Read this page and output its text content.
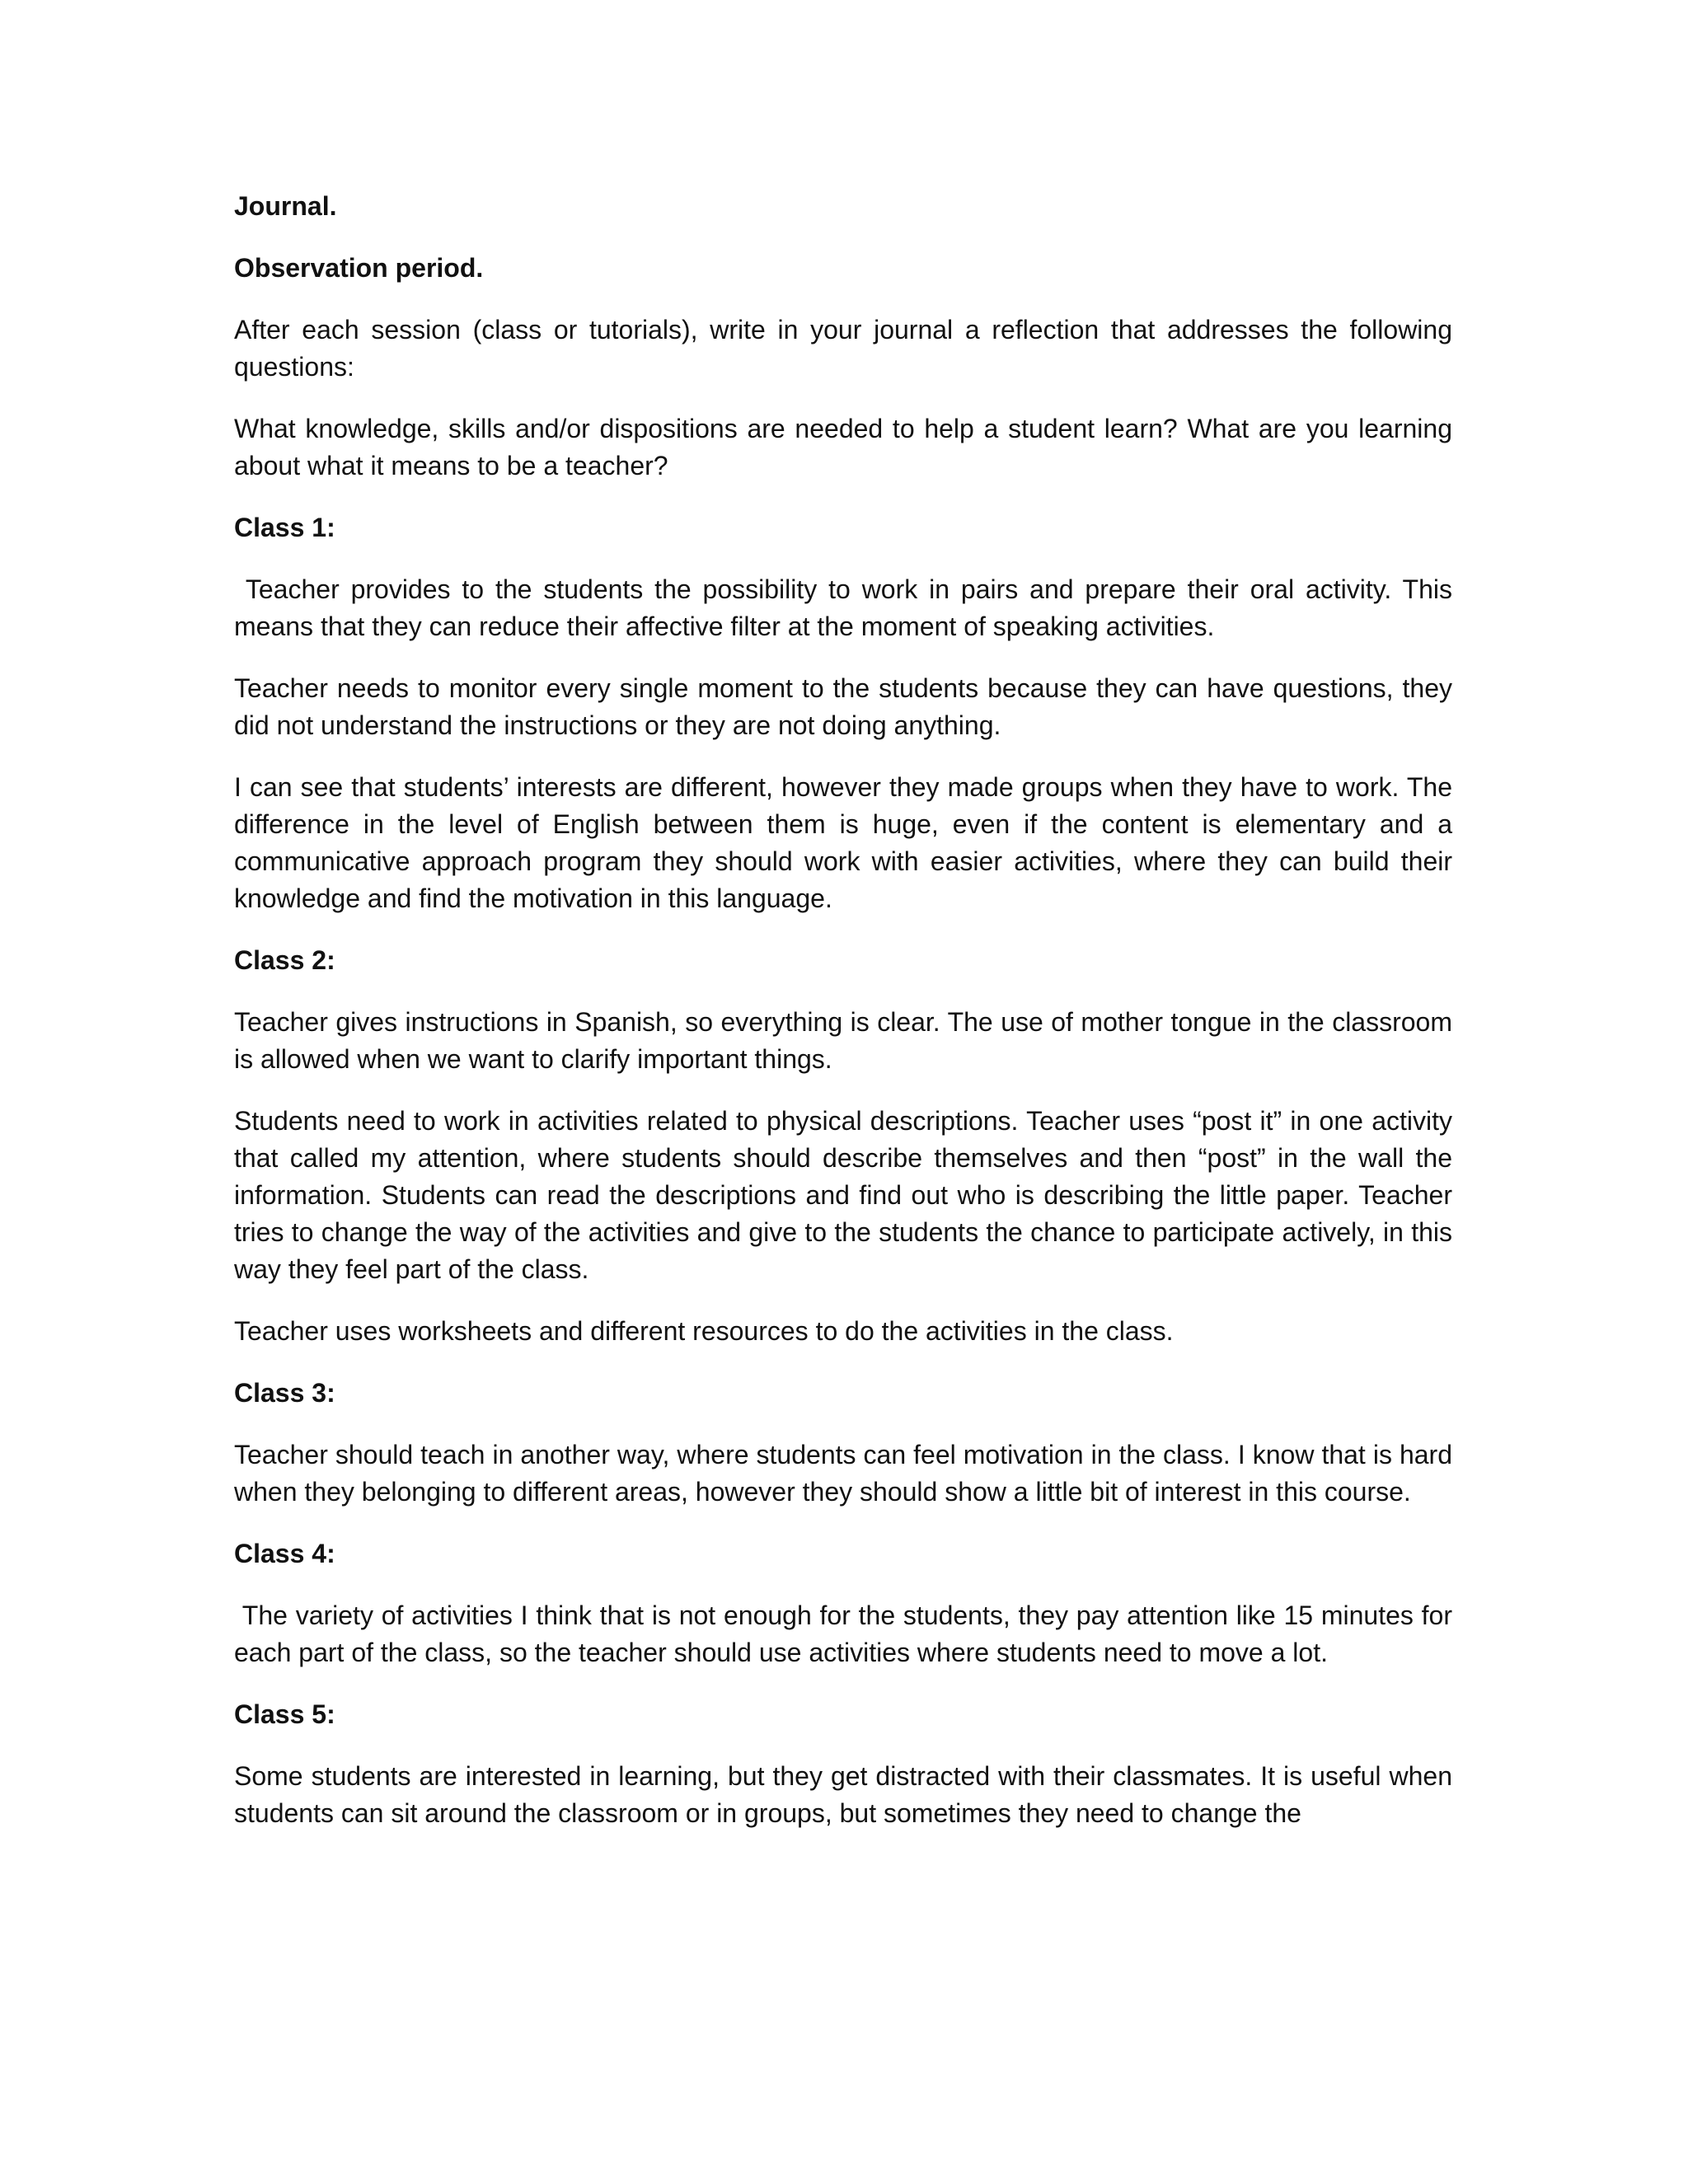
Journal.

Observation period.

After each session (class or tutorials), write in your journal a reflection that addresses the following questions:

What knowledge, skills and/or dispositions are needed to help a student learn? What are you learning about what it means to be a teacher?

Class 1:

Teacher provides to the students the possibility to work in pairs and prepare their oral activity. This means that they can reduce their affective filter at the moment of speaking activities.

Teacher needs to monitor every single moment to the students because they can have questions, they did not understand the instructions or they are not doing anything.

I can see that students’ interests are different, however they made groups when they have to work. The difference in the level of English between them is huge, even if the content is elementary and a communicative approach program they should work with easier activities, where they can build their knowledge and find the motivation in this language.

Class 2:

Teacher gives instructions in Spanish, so everything is clear. The use of mother tongue in the classroom is allowed when we want to clarify important things.

Students need to work in activities related to physical descriptions. Teacher uses “post it” in one activity that called my attention, where students should describe themselves and then “post” in the wall the information. Students can read the descriptions and find out who is describing the little paper. Teacher tries to change the way of the activities and give to the students the chance to participate actively, in this way they feel part of the class.

Teacher uses worksheets and different resources to do the activities in the class.

Class 3:

Teacher should teach in another way, where students can feel motivation in the class. I know that is hard when they belonging to different areas, however they should show a little bit of interest in this course.

Class 4:

The variety of activities I think that is not enough for the students, they pay attention like 15 minutes for each part of the class, so the teacher should use activities where students need to move a lot.

Class 5:

Some students are interested in learning, but they get distracted with their classmates. It is useful when students can sit around the classroom or in groups, but sometimes they need to change the
